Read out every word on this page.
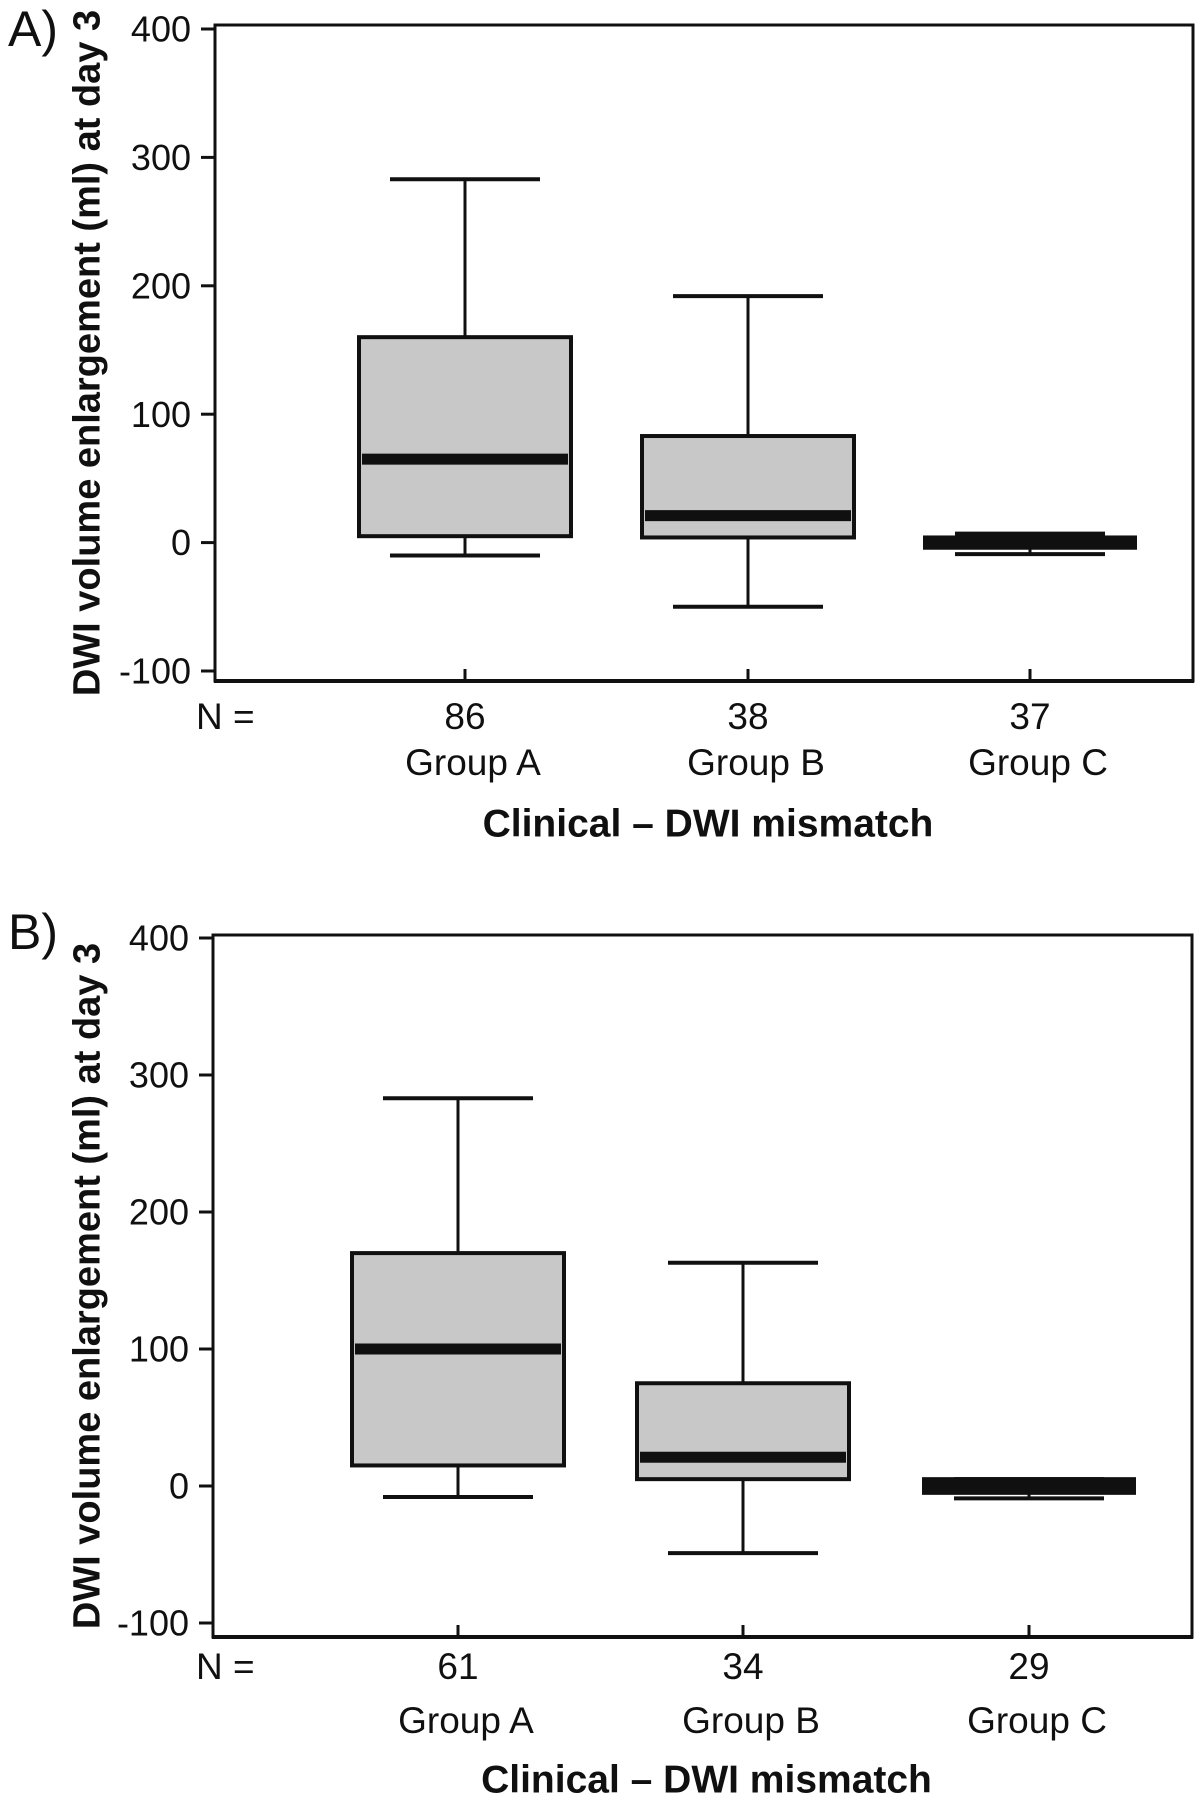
400
300
200
100
0
-100
86
Group A
38
Group B
37
Group C
N =
Clinical – DWI mismatch
DWI volume enlargement (ml) at day 3
A)
400
300
200
100
0
-100
61
Group A
34
Group B
29
Group C
N =
Clinical – DWI mismatch
DWI volume enlargement (ml) at day 3
B)
